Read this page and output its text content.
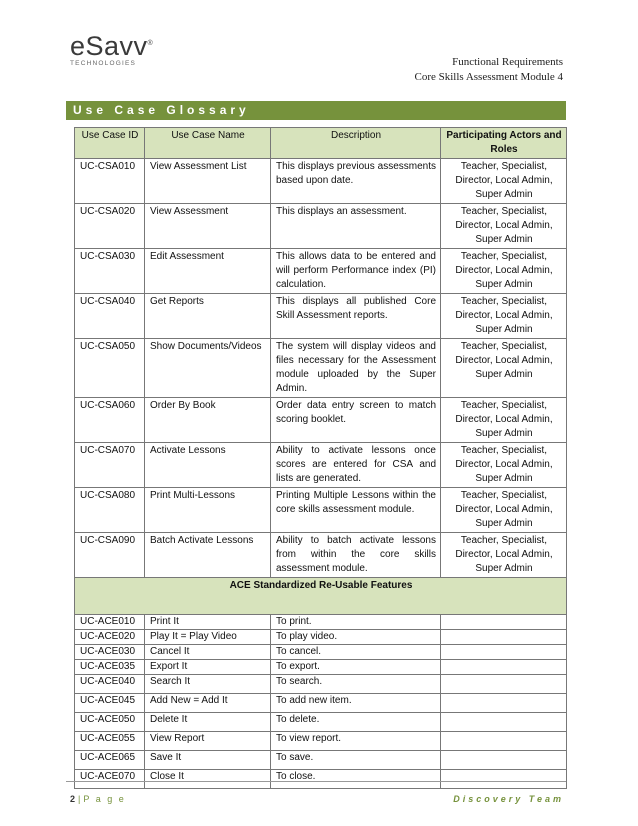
eSavv®
TECHNOLOGIES	Functional Requirements
Core Skills Assessment Module 4
Use Case Glossary
Use Case ID	Use Case Name	Description	Participating Actors and Roles
UC-CSA010	View Assessment List	This displays previous assessments based upon date.	Teacher, Specialist, Director, Local Admin, Super Admin
UC-CSA020	View Assessment	This displays an assessment.	Teacher, Specialist, Director, Local Admin, Super Admin
UC-CSA030	Edit Assessment	This allows data to be entered and will perform Performance index (PI) calculation.	Teacher, Specialist, Director, Local Admin, Super Admin
UC-CSA040	Get Reports	This displays all published Core Skill Assessment reports.	Teacher, Specialist, Director, Local Admin, Super Admin
UC-CSA050	Show Documents/Videos	The system will display videos and files necessary for the Assessment module uploaded by the Super Admin.	Teacher, Specialist, Director, Local Admin, Super Admin
UC-CSA060	Order By Book	Order data entry screen to match scoring booklet.	Teacher, Specialist, Director, Local Admin, Super Admin
UC-CSA070	Activate Lessons	Ability to activate lessons once scores are entered for CSA and lists are generated.	Teacher, Specialist, Director, Local Admin, Super Admin
UC-CSA080	Print Multi-Lessons	Printing Multiple Lessons within the core skills assessment module.	Teacher, Specialist, Director, Local Admin, Super Admin
UC-CSA090	Batch Activate Lessons	Ability to batch activate lessons from within the core skills assessment module.	Teacher, Specialist, Director, Local Admin, Super Admin
ACE Standardized Re-Usable Features			
UC-ACE010	Print It	To print.	
UC-ACE020	Play It = Play Video	To play video.	
UC-ACE030	Cancel It	To cancel.	
UC-ACE035	Export It	To export.	
UC-ACE040	Search It	To search.	
UC-ACE045	Add New = Add It	To add new item.	
UC-ACE050	Delete It	To delete.	
UC-ACE055	View Report	To view report.	
UC-ACE065	Save It	To save.	
UC-ACE070	Close It	To close.	
2 | P a g e	Discovery Team
